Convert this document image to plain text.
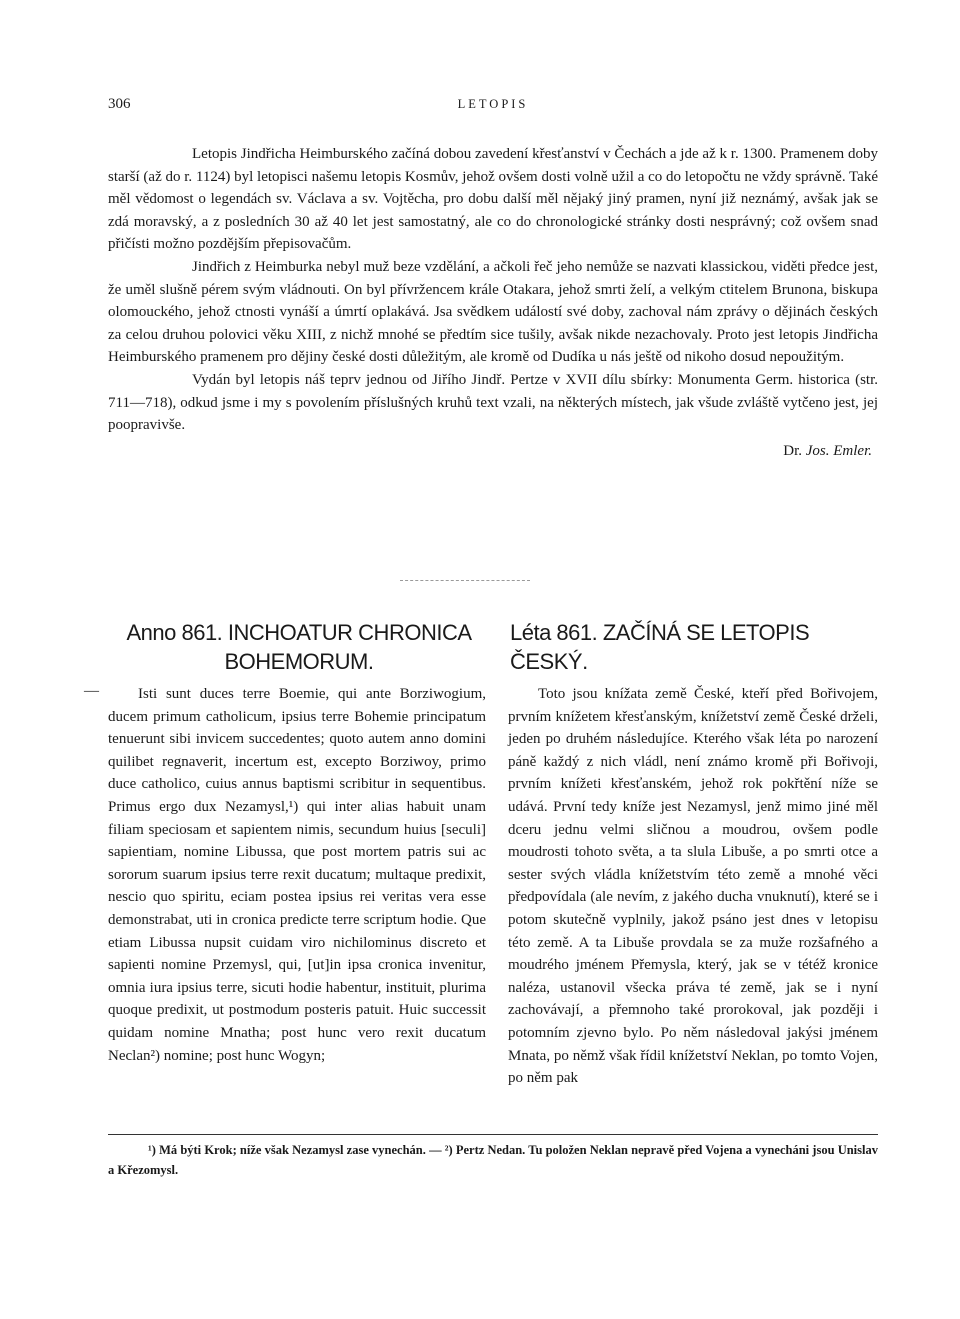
306	LETOPIS

Letopis Jindřicha Heimburského začíná dobou zavedení křesťanství v Čechách a jde až k r. 1300. Pramenem doby starší (až do r. 1124) byl letopisci našemu letopis Kosmův, jehož ovšem dosti volně užil a co do letopočtu ne vždy správně. Také měl vědomost o legendách sv. Václava a sv. Vojtěcha, pro dobu další měl nějaký jiný pramen, nyní již neznámý, avšak jak se zdá moravský, a z posledních 30 až 40 let jest samostatný, ale co do chronologické stránky dosti nesprávný; což ovšem snad přičísti možno pozdějším přepisovačům.

Jindřich z Heimburka nebyl muž beze vzdělání, a ačkoli řeč jeho nemůže se nazvati klassickou, viděti předce jest, že uměl slušně pérem svým vládnouti. On byl přívržencem krále Otakara, jehož smrti želí, a velkým ctitelem Brunona, biskupa olomouckého, jehož ctnosti vynáší a úmrtí oplakává. Jsa svědkem událostí své doby, zachoval nám zprávy o dějinách českých za celou druhou polovici věku XIII, z nichž mnohé se předtím sice tušily, avšak nikde nezachovaly. Proto jest letopis Jindřicha Heimburského pramenem pro dějiny české dosti důležitým, ale kromě od Dudíka u nás ještě od nikoho dosud nepoužitým.

Vydán byl letopis náš teprv jednou od Jiřího Jindř. Pertze v XVII dílu sbírky: Monumenta Germ. historica (str. 711—718), odkud jsme i my s povolením příslušných kruhů text vzali, na některých místech, jak všude zvláště vytčeno jest, jej poopravivše.

Dr. Jos. Emler.
Anno 861. INCHOATUR CHRONICA BOHEMORUM.
Léta 861. ZAČÍNÁ SE LETOPIS ČESKÝ.
—	Isti sunt duces terre Boemie, qui ante Borziwogium, ducem primum catholicum, ipsius terre Bohemie principatum tenuerunt sibi invicem succedentes; quoto autem anno domini quilibet regnaverit, incertum est, excepto Borziwoy, primo duce catholico, cuius annus baptismi scribitur in sequentibus. Primus ergo dux Nezamysl,¹) qui inter alias habuit unam filiam speciosam et sapientem nimis, secundum huius [seculi] sapientiam, nomine Libussa, que post mortem patris sui ac sororum suarum ipsius terre rexit ducatum; multaque predixit, nescio quo spiritu, eciam postea ipsius rei veritas vera esse demonstrabat, uti in cronica predicte terre scriptum hodie. Que etiam Libussa nupsit cuidam viro nichilominus discreto et sapienti nomine Przemysl, qui, [ut]in ipsa cronica invenitur, omnia iura ipsius terre, sicuti hodie habentur, instituit, plurima quoque predixit, ut postmodum posteris patuit. Huic successit quidam nomine Mnatha; post hunc vero rexit ducatum Neclan²) nomine; post hunc Wogyn;

Toto jsou knížata země České, kteří před Bořivojem, prvním knížetem křesťanským, knížetství země České drželi, jeden po druhém následujíce. Kterého však léta po narození páně každý z nich vládl, není známo kromě při Bořivoji, prvním knížeti křesťanském, jehož rok pokřtění níže se udává. První tedy kníže jest Nezamysl, jenž mimo jiné měl dceru jednu velmi sličnou a moudrou, ovšem podle moudrosti tohoto světa, a ta slula Libuše, a po smrti otce a sester svých vládla knížetstvím této země a mnohé věci předpovídala (ale nevím, z jakého ducha vnuknutí), které se i potom skutečně vyplnily, jakož psáno jest dnes v letopisu této země. A ta Libuše provdala se za muže rozšafného a moudrého jménem Přemysla, který, jak se v tétéž kronice naléza, ustanovil všecka práva té země, jak se i nyní zachovávají, a přemnoho také prorokoval, jak později i potomním zjevno bylo. Po něm následoval jakýsi jménem Mnata, po němž však řídil knížetství Neklan, po tomto Vojen, po něm pak

¹) Má býti Krok; níže však Nezamysl zase vynechán. — ²) Pertz Nedan. Tu položen Neklan nepravě před Vojena a vynecháni jsou Unislav a Křezomysl.
